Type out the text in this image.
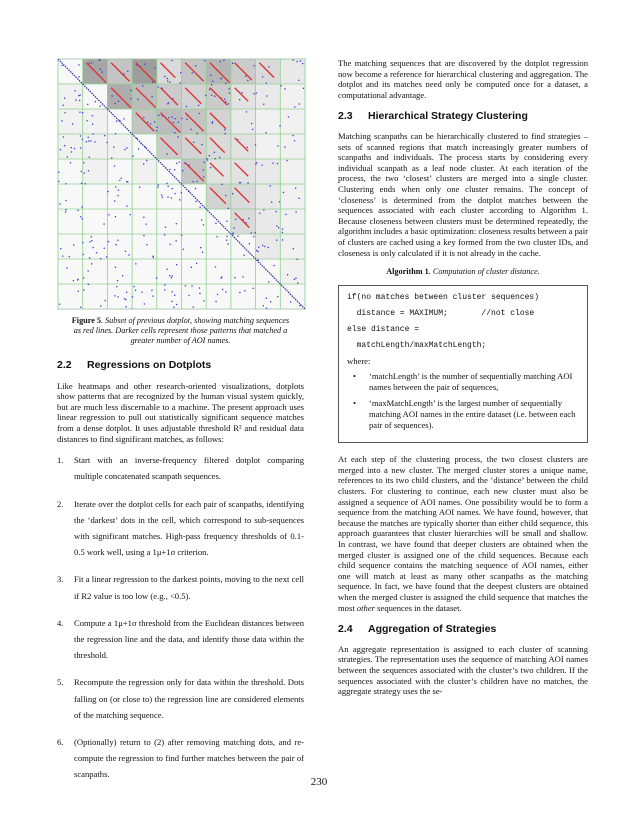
Figure 5. Subset of previous dotplot, showing matching sequences as red lines. Darker cells represent those patterns that matched a greater number of AOI names.
2.2 Regressions on Dotplots

Like heatmaps and other research-oriented visualizations, dotplots show patterns that are recognized by the human visual system quickly, but are much less discernable to a machine. The present approach uses linear regression to pull out statistically significant sequence matches from a dense dotplot. It uses adjustable threshold R² and residual data distances to find significant matches, as follows:

1. Start with an inverse-frequency filtered dotplot comparing multiple concatenated scanpath sequences.
2. Iterate over the dotplot cells for each pair of scanpaths, identifying the ‘darkest’ dots in the cell, which correspond to sub-sequences with significant matches. High-pass frequency thresholds of 0.1-0.5 work well, using a 1μ+1σ criterion.
3. Fit a linear regression to the darkest points, moving to the next cell if R2 value is too low (e.g., <0.5).
4. Compute a 1μ+1σ threshold from the Euclidean distances between the regression line and the data, and identify those data within the threshold.
5. Recompute the regression only for data within the threshold. Dots falling on (or close to) the regression line are considered elements of the matching sequence.
6. (Optionally) return to (2) after removing matching dots, and re-compute the regression to find further matches between the pair of scanpaths.

The matching sequences that are discovered by the dotplot regression now become a reference for hierarchical clustering and aggregation. The dotplot and its matches need only be computed once for a dataset, a computational advantage.

2.3 Hierarchical Strategy Clustering

Matching scanpaths can be hierarchically clustered to find strategies – sets of scanned regions that match increasingly greater numbers of scanpaths and individuals. The process starts by considering every individual scanpath as a leaf node cluster. At each iteration of the process, the two ‘closest’ clusters are merged into a single cluster. Clustering ends when only one cluster remains. The concept of ‘closeness’ is determined from the dotplot matches between the sequences associated with each cluster according to Algorithm 1. Because closeness between clusters must be determined repeatedly, the algorithm includes a basic optimization: closeness results between a pair of clusters are cached using a key formed from the two cluster IDs, and closeness is only calculated if it is not already in the cache.

Algorithm 1. Computation of cluster distance.
if(no matches between cluster sequences)
distance = MAXIMUM;       //not close
else distance =
matchLength/maxMatchLength;
where:
• ‘matchLength’ is the number of sequentially matching AOI names between the pair of sequences,
• ‘maxMatchLength’ is the largest number of sequentially matching AOI names in the entire dataset (i.e. between each pair of sequences).

At each step of the clustering process, the two closest clusters are merged into a new cluster. The merged cluster stores a unique name, references to its two child clusters, and the ‘distance’ between the child clusters. For clustering to continue, each new cluster must also be assigned a sequence of AOI names. One possibility would be to form a sequence from the matching AOI names. We have found, however, that because the matches are typically shorter than either child sequence, this approach guarantees that cluster hierarchies will be small and shallow. In contrast, we have found that deeper clusters are obtained when the merged cluster is assigned one of the child sequences. Because each child sequence contains the matching sequence of AOI names, either one will match at least as many other scanpaths as the matching sequence. In fact, we have found that the deepest clusters are obtained when the merged cluster is assigned the child sequence that matches the most other sequences in the dataset.

2.4 Aggregation of Strategies

An aggregate representation is assigned to each cluster of scanning strategies. The representation uses the sequence of matching AOI names between the sequences associated with the cluster’s two children. If the sequences associated with the cluster’s children have no matches, the aggregate strategy uses the se-

230
